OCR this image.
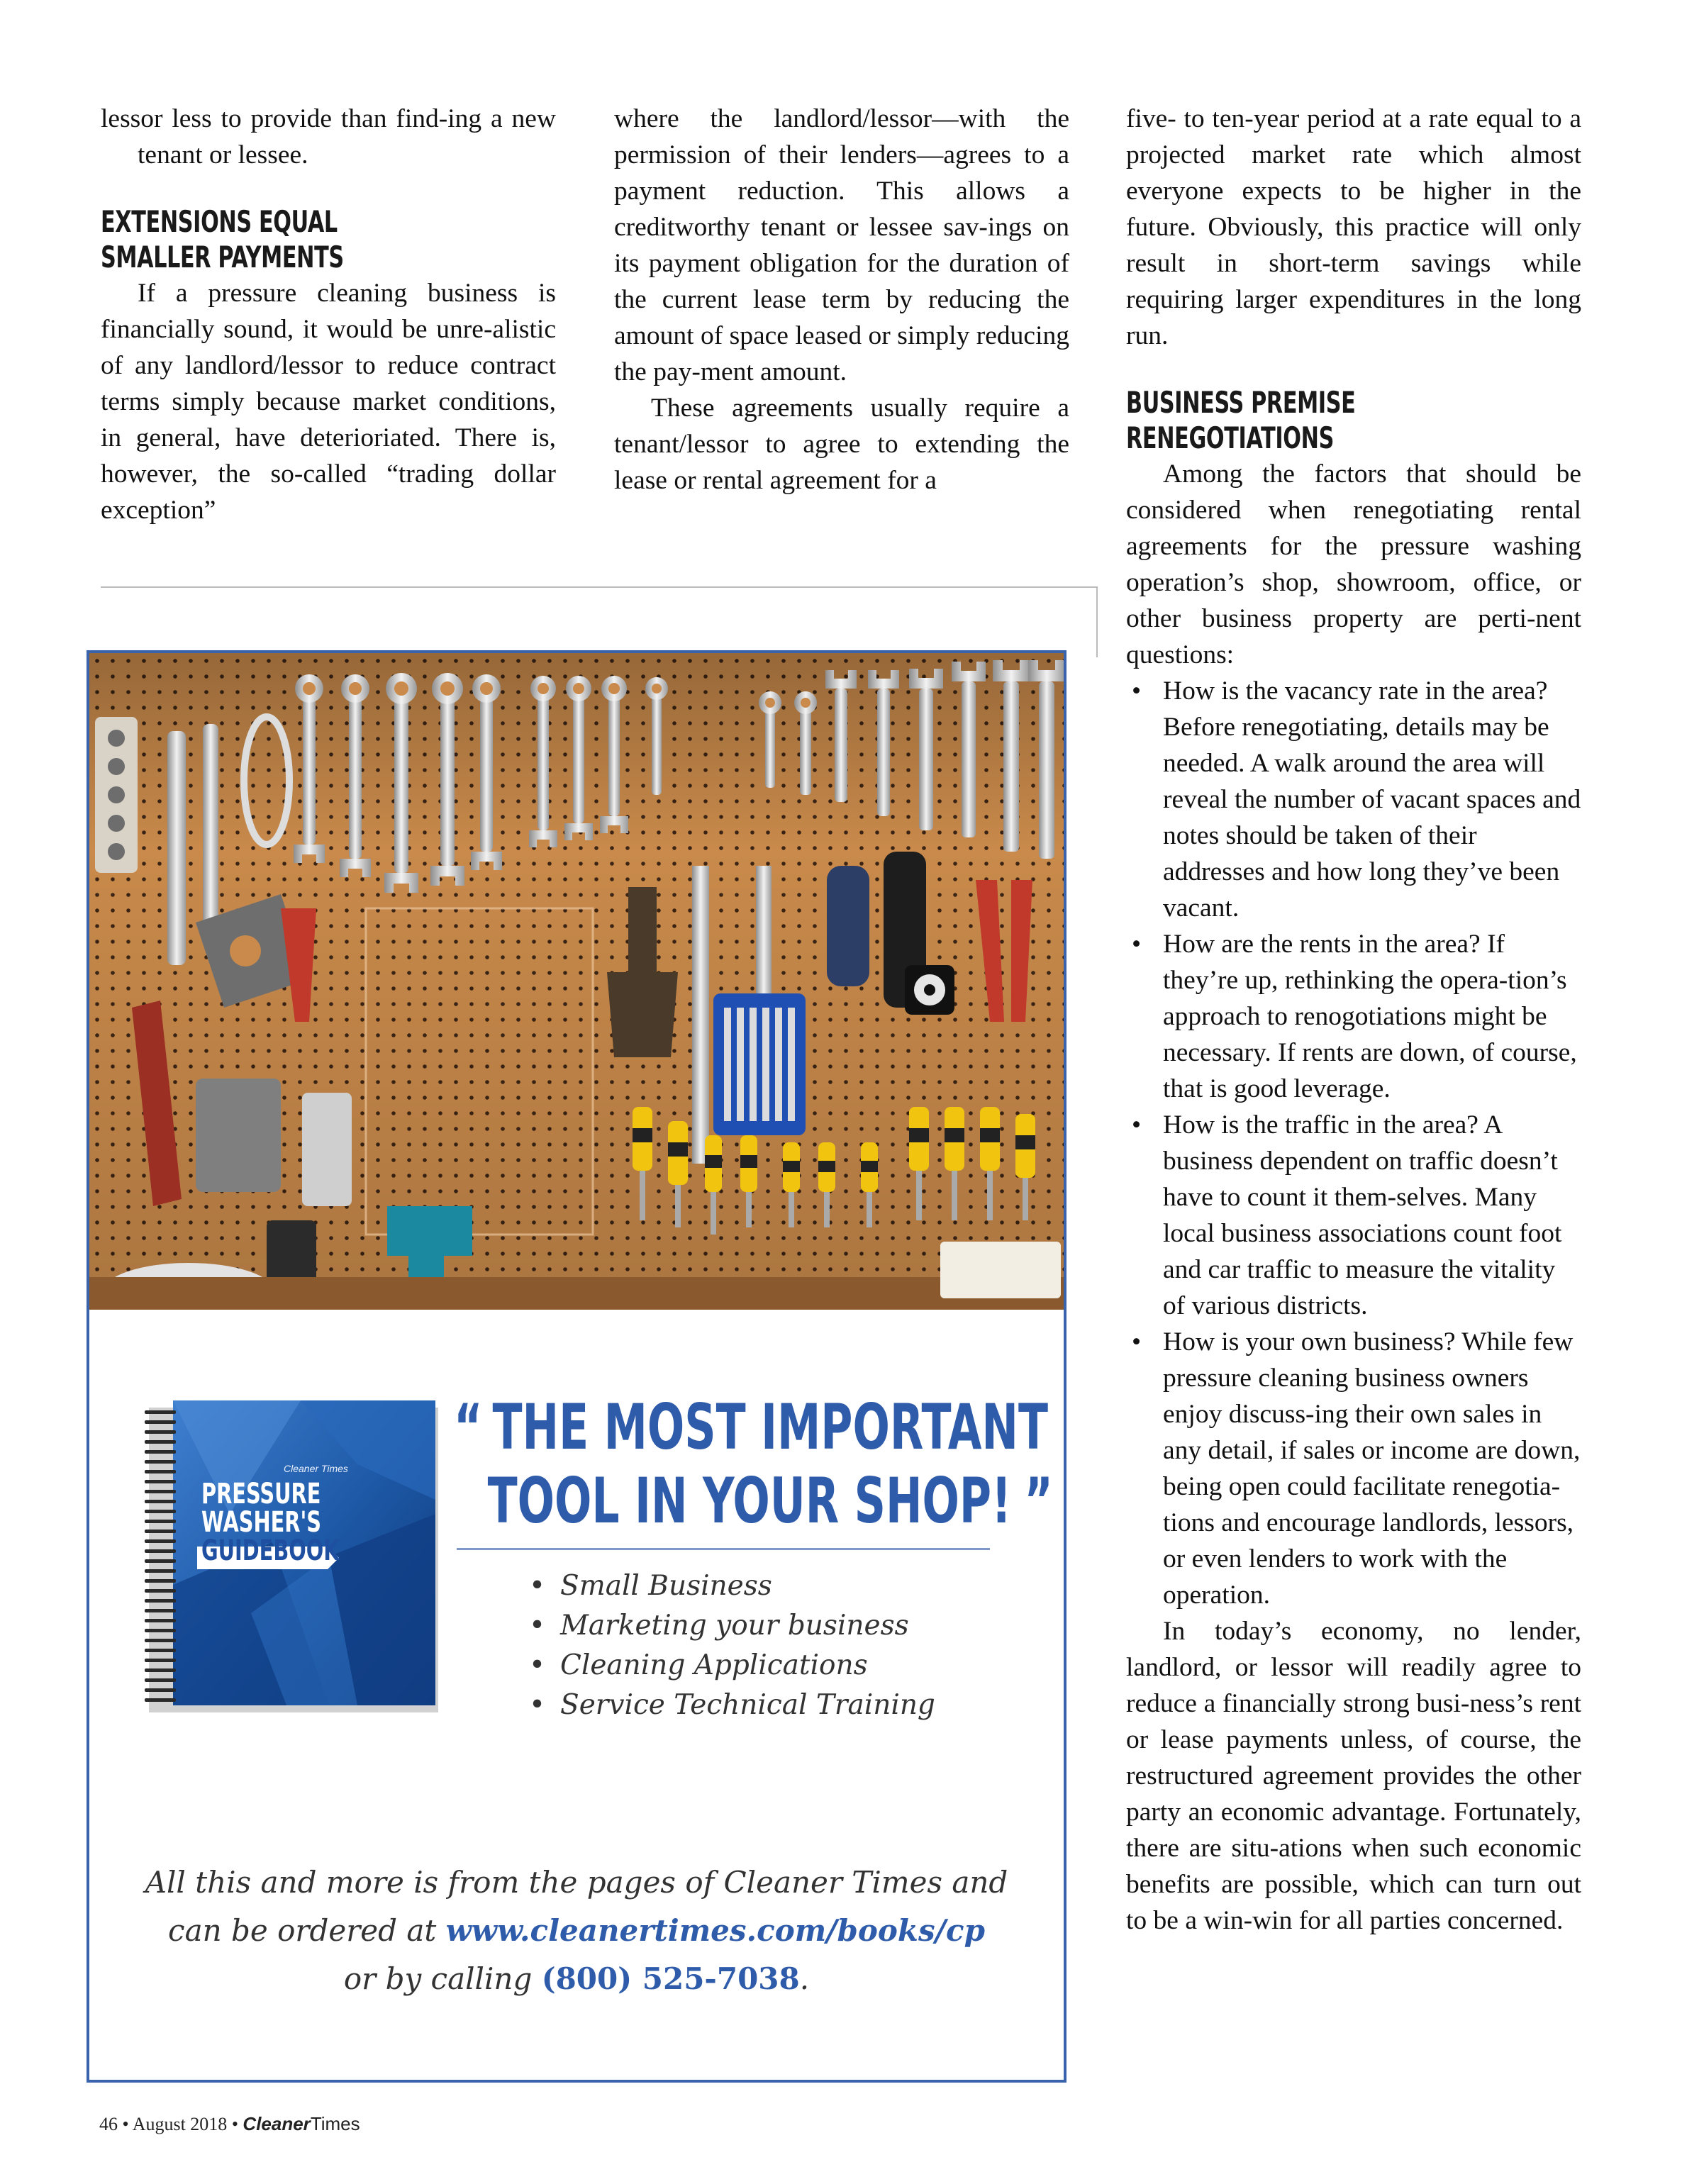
lessor less to provide than find-ing a new tenant or lessee.

EXTENSIONS EQUAL
SMALLER PAYMENTS

If a pressure cleaning business is financially sound, it would be unre-alistic of any landlord/lessor to reduce contract terms simply because market conditions, in general, have deterioriated. There is, however, the so-called “trading dollar exception”

where the landlord/lessor—with the permission of their lenders—agrees to a payment reduction. This allows a creditworthy tenant or lessee sav-ings on its payment obligation for the duration of the current lease term by reducing the amount of space leased or simply reducing the pay-ment amount.

These agreements usually require a tenant/lessor to agree to extending the lease or rental agreement for a

five- to ten-year period at a rate equal to a projected market rate which almost everyone expects to be higher in the future. Obviously, this practice will only result in short-term savings while requiring larger expenditures in the long run.

BUSINESS PREMISE
RENEGOTIATIONS

Among the factors that should be considered when renegotiating rental agreements for the pressure washing operation’s shop, showroom, office, or other business property are perti-nent questions:

• How is the vacancy rate in the area? Before renegotiating, details may be needed. A walk around the area will reveal the number of vacant spaces and notes should be taken of their addresses and how long they’ve been vacant.
• How are the rents in the area? If they’re up, rethinking the opera-tion’s approach to renogotiations might be necessary. If rents are down, of course, that is good leverage.
• How is the traffic in the area? A business dependent on traffic doesn’t have to count it them-selves. Many local business associations count foot and car traffic to measure the vitality of various districts.
• How is your own business? While few pressure cleaning business owners enjoy discuss-ing their own sales in any detail, if sales or income are down, being open could facilitate renegotia-tions and encourage landlords, lessors, or even lenders to work with the operation.

In today’s economy, no lender, landlord, or lessor will readily agree to reduce a financially strong busi-ness’s rent or lease payments unless, of course, the restructured agreement provides the other party an economic advantage. Fortunately, there are situ-ations when such economic benefits are possible, which can turn out to be a win-win for all parties concerned.

Cleaner Times
PRESSURE
WASHER'S
GUIDEBOOK
“ THE MOST IMPORTANT
TOOL IN YOUR SHOP! ”
• Small Business
• Marketing your business
• Cleaning Applications
• Service Technical Training
All this and more is from the pages of Cleaner Times and
can be ordered at www.cleanertimes.com/books/cp
or by calling (800) 525-7038.
46 • August 2018 • CleanerTimes
